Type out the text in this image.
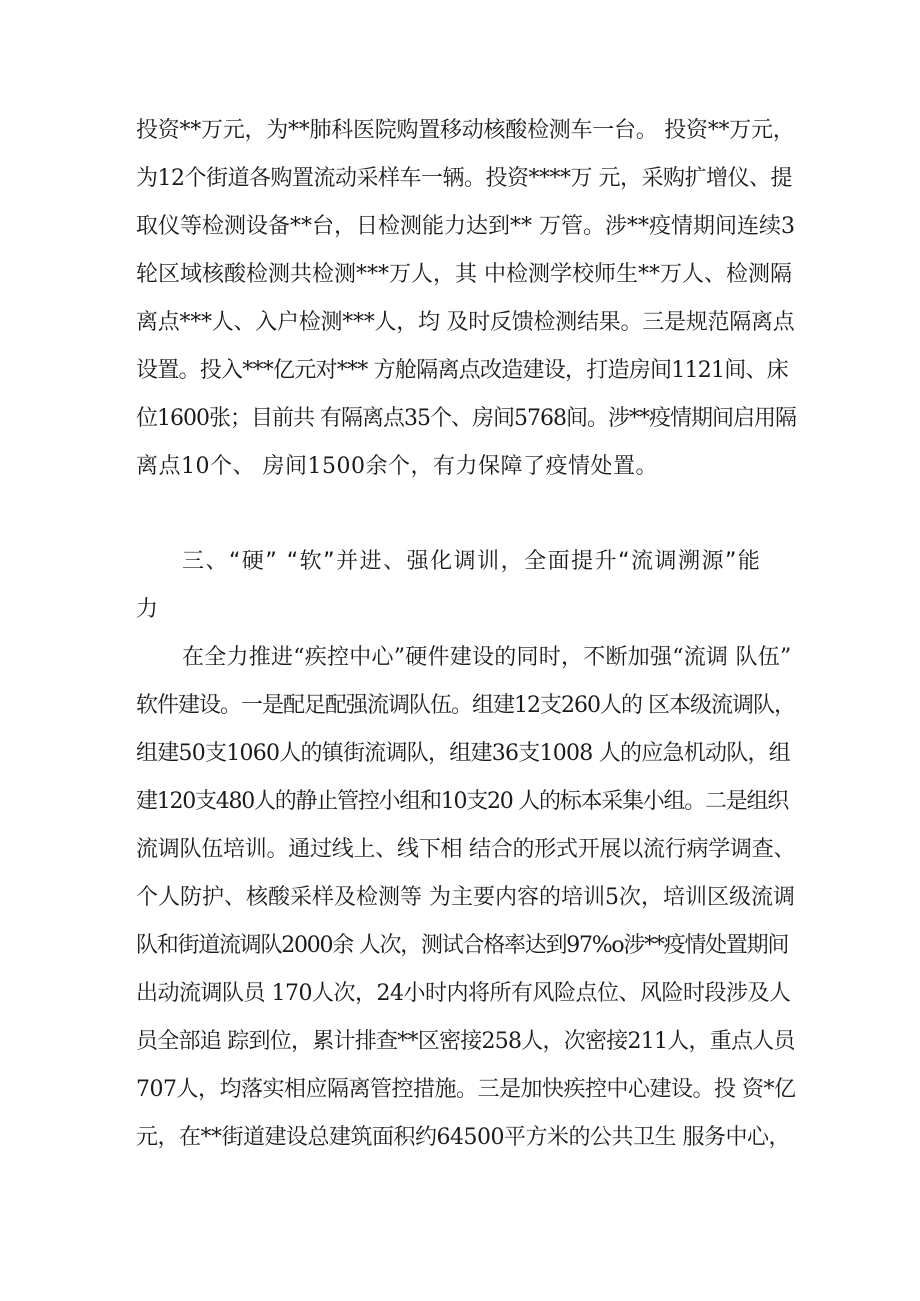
投资**万元，为**肺科医院购置移动核酸检测车一台。 投资**万元，
为12个街道各购置流动采样车一辆。投资****万 元，采购扩增仪、提
取仪等检测设备**台，日检测能力达到** 万管。涉**疫情期间连续3
轮区域核酸检测共检测***万人，其 中检测学校师生**万人、检测隔
离点***人、入户检测***人，均 及时反馈检测结果。三是规范隔离点
设置。投入***亿元对*** 方舱隔离点改造建设，打造房间1121间、床
位1600张；目前共 有隔离点35个、房间5768间。涉**疫情期间启用隔
离点10个、 房间1500余个，有力保障了疫情处置。
三、“硬” “软”并进、强化调训，全面提升“流调溯源”能
力
在全力推进“疾控中心”硬件建设的同时，不断加强“流调 队伍”
软件建设。一是配足配强流调队伍。组建12支260人的 区本级流调队，
组建50支1060人的镇街流调队，组建36支1008 人的应急机动队，组
建120支480人的静止管控小组和10支20 人的标本采集小组。二是组织
流调队伍培训。通过线上、线下相 结合的形式开展以流行病学调查、
个人防护、核酸采样及检测等 为主要内容的培训5次，培训区级流调
队和街道流调队2000余 人次，测试合格率达到97%o涉**疫情处置期间
出动流调队员 170人次，24小时内将所有风险点位、风险时段涉及人
员全部追 踪到位，累计排查**区密接258人，次密接211人，重点人员
707人，均落实相应隔离管控措施。三是加快疾控中心建设。投 资*亿
元，在**街道建设总建筑面积约64500平方米的公共卫生 服务中心，
